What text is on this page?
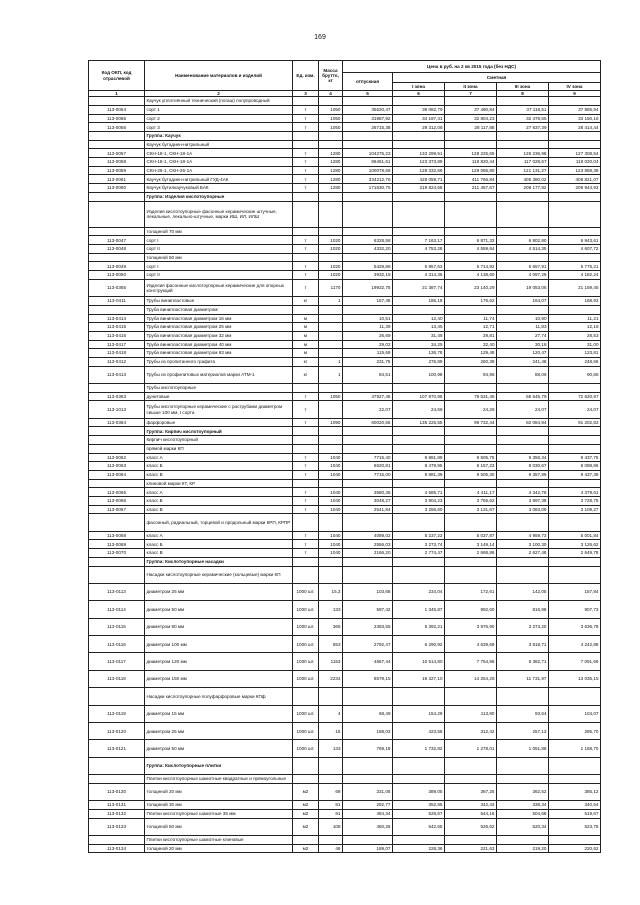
169
Код ОКП, код отраслевой	Наименование материалов и изделий	Ед. изм.	Масса брутто, кг	Цена в руб. на 2 кв 2015 года (без НДС)				
				отпускная	Сметная			
					I зона	II зона	III зона	IV зона
1	2	3	4	5	6	7	8	9
	Каучук уплотнённый технический (погаш) полупроводный							
113-0054	сорт 1	т	1050	35620,47	39 082,79	37 490,84	37 118,51	37 885,94
113-0055	сорт 2	т	1050	31987,92	34 197,41	32 804,23	32 478,65	33 150,16
113-0056	сорт 3	т	1050	26715,38	29 312,08	28 117,88	27 837,39	28 414,44
	Группа: Каучук							
	Каучук бутадиен-нитрильный							
113-0057	СКН-18-1, СКН-18-1А	т	1280	104275,23	133 299,51	128 225,65	126 236,98	127 308,54
113-0058	СКН-18-1, СКН-18-1А	т	1280	96461,61	123 373,89	118 820,44	117 028,67	118 020,04
113-0059	СКН-26-1, СКН-26-1А	т	1280	100078,66	128 332,69	128 065,80	121 131,27	123 858,39
113-0061	Каучук бутадиен-нитрильный ГУД-4АК	т	1280	334212,76	428 059,71	411 766,84	405 380,02	408 821,07
113-0060	Каучук бутилкаучуковый БАК	т	1280	171630,75	219 824,68	211 457,67	208 177,82	209 944,93
	Группа: Изделия кислотоупорные							
	Изделия кислотоупорные фасонные керамические штучные, лекальные, лекально-штучные, марки ИШ, ИЛ, ИЛШ							
	толщиной 70 мм							
113-0047	сорт I	т	1020	6328,58	7 163,17	6 871,33	6 802,80	6 943,61
113-0048	сорт II	т	1020	4332,20	4 753,28	4 559,64	4 514,35	4 607,72
	толщиной 50 мм							
113-0049	сорт I	т	1020	5429,86	5 957,63	5 714,92	5 657,91	5 775,21
113-0050	сорт II	т	1020	3932,15	4 314,36	4 138,60	4 097,29	4 182,24
113-0365	Изделия фасонные кислотоупорные керамические для опорных конструкций	т	1170	19932,75	21 387,74	23 140,29	19 053,06	21 159,45
113-0411	Трубы винипластовые	кг	1	157,45	186,18	176,62	164,07	168,93
	Труба винипластовая диаметром:							
113-0414	Труба винипластовая диаметром 16 мм	м		10,51	12,40	11,74	10,90	11,21
113-0415	Труба винипластовая диаметром 25 мм	м		11,39	13,45	12,71	11,83	12,16
113-0416	Труба винипластовая диаметром 32 мм	м		26,69	31,48	29,81	27,74	28,53
113-0417	Труба винипластовая диаметром 40 мм	м		29,02	34,25	32,40	30,18	31,00
113-0418	Труба винипластовая диаметром 63 мм	м		115,69	136,78	129,48	120,47	123,81
113-0412	Трубы из пропитанного графита	кг	1	231,75	276,89	260,39	241,48	248,66
113-0413	Трубы из профилитовых материалов марки АТМ-1	кг	1	84,51	100,98	94,96	88,06	90,66
	Трубы кислотоупорные							
113-0363	дунитовые	т	1050	47927,45	107 970,96	79 631,46	65 545,79	72 620,97
113-1013	Трубы кислотоупорные керамические с раструбами диаметром свыше 100 мм, I сорта	т		22,07	24,68	24,26	24,07	24,07
113-0364	фарфоровые	т	1090	60020,55	135 225,55	99 732,44	82 084,94	91 202,82
	Группа: Кирпич кислотоупорный							
	Кирпич кислотоупорный							
	прямой марки КП							
113-0062	класс А	т	1040	7715,40	9 881,89	9 505,75	9 356,34	9 437,75
113-0063	класс Б	т	1040	6620,81	8 479,95	8 157,23	8 030,67	8 098,86
113-0064	класс В	т	1040	7715,00	9 881,39	9 505,30	9 357,89	9 437,39
	клиновой марки КТ, КР							
113-0065	класс А	т	1040	3580,36	4 585,71	4 411,17	4 342,76	4 379,61
113-0066	класс Б	т	1040	3048,27	3 904,23	3 755,62	3 697,38	3 728,75
113-0067	класс В	т	1040	2541,84	3 255,60	3 131,67	3 083,09	3 109,27
	фасонный, радиальный, торцевой и продольный марки КРП, КРПР							
113-0068	класс А	т	1040	4089,02	5 237,23	5 037,87	4 959,73	5 001,84
113-0069	класс Б	т	1040	2556,03	3 273,74	3 149,14	3 100,30	3 126,62
113-0070	класс В	т	1040	2166,20	2 774,47	2 668,86	2 627,48	2 649,78
	Группа: Кислотоупорные насадки							
	Насадки кислотоупорные керамические (кольцевые) марки КП							
113-0113	диаметром 25 мм	1000 шт.	15,3	103,68	234,04	172,61	142,05	157,84
113-0114	диаметром 50 мм	1000 шт.	133	597,42	1 345,87	992,60	816,98	907,73
113-0115	диаметром 80 мм	1000 шт.	365	2393,55	5 392,21	3 976,90	3 273,20	3 636,78
113-0116	диаметром 100 мм	1000 шт.	653	2792,47	6 290,92	4 639,69	3 818,71	4 242,88
113-0117	диаметром 120 мм	1000 шт.	1153	4667,44	10 514,80	7 754,86	6 382,71	7 091,69
113-0118	диаметром 150 мм	1000 шт.	2234	8579,15	19 327,10	14 254,26	11 731,97	13 035,15
	Насадки кислотоупорные полуфарфоровые марки КПф							
113-0119	диаметром 15 мм	1000 шт.	4	68,49	154,29	113,80	93,64	104,07
113-0120	диаметром 25 мм	1000 шт.	15	188,03	423,58	312,42	257,13	285,70
113-0121	диаметром 50 мм	1000 шт.	133	769,18	1 732,82	1 278,01	1 051,86	1 168,70
	Группа: Кислотоупорные плитки							
	Плитки кислотоупорные шамотные квадратные и прямоугольные							
113-0130	толщиной 20 мм	м2	69	331,06	389,05	367,25	362,52	385,12
113-0131	толщиной 30 мм	м2	81	292,77	352,85	342,43	338,34	340,54
113-0132	Плитки кислотоупорные шамотные 35 мм	м2	81	484,34	528,67	544,16	504,68	519,67
113-0133	толщиной 50 мм	м2	108	450,26	542,65	526,62	520,34	523,75
	Плитки кислотоупорные шамотные клиновые							
113-0134	толщиной 20 мм	м2	46	189,07	228,36	221,63	219,20	220,62
